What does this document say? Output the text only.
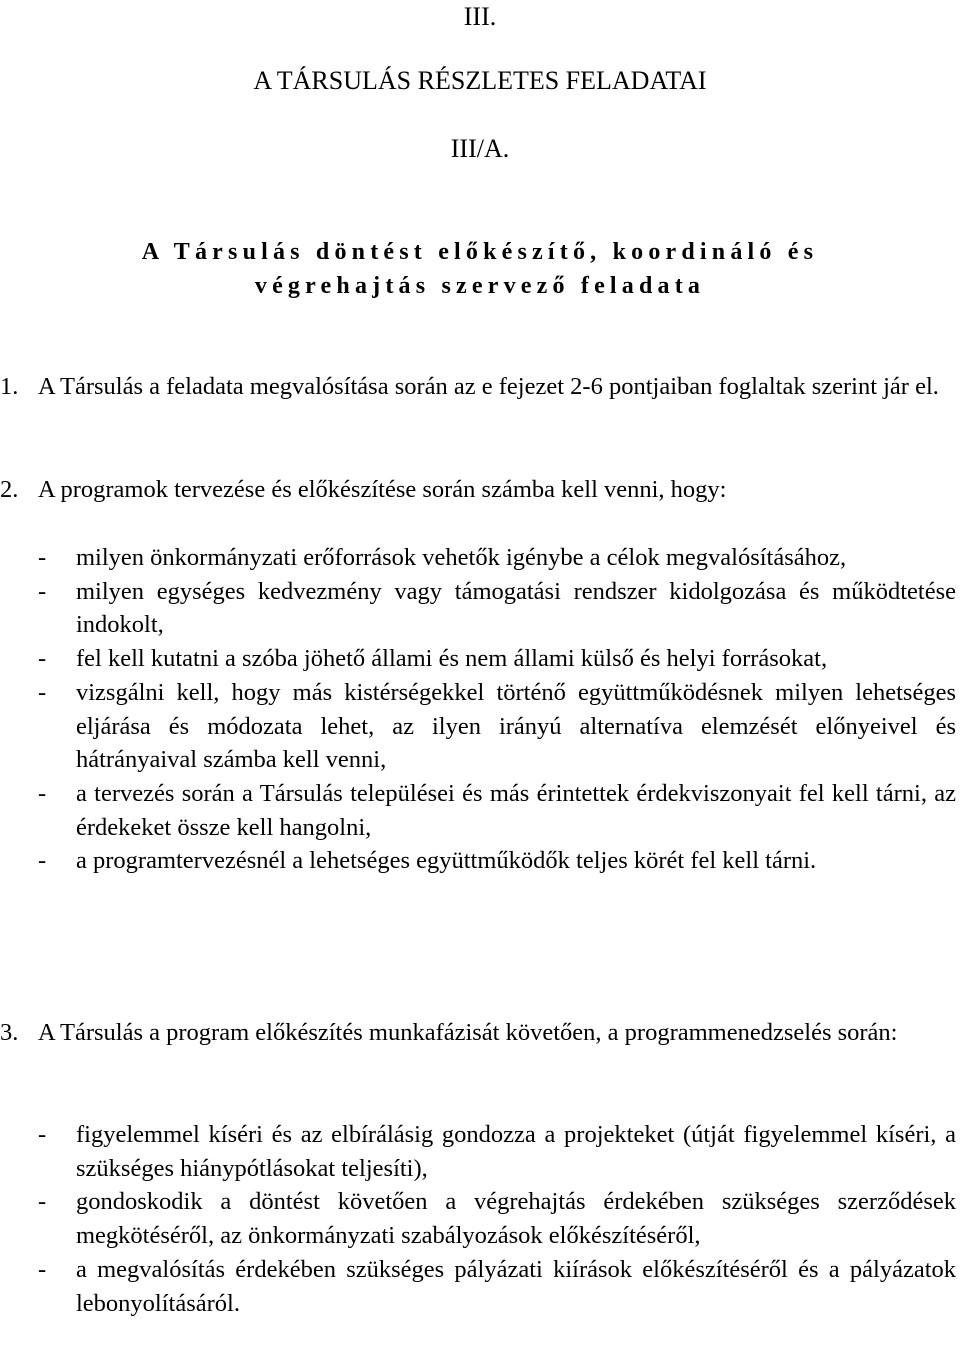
III.
A TÁRSULÁS RÉSZLETES FELADATAI
III/A.
A Társulás döntést előkészítő, koordináló és
végrehajtás szervező feladata
1. A Társulás a feladata megvalósítása során az e fejezet 2-6 pontjaiban foglaltak szerint jár el.
2. A programok tervezése és előkészítése során számba kell venni, hogy:
- milyen önkormányzati erőforrások vehetők igénybe a célok megvalósításához,
- milyen egységes kedvezmény vagy támogatási rendszer kidolgozása és működtetése indokolt,
- fel kell kutatni a szóba jöhető állami és nem állami külső és helyi forrásokat,
- vizsgálni kell, hogy más kistérségekkel történő együttműködésnek milyen lehetséges eljárása és módozata lehet, az ilyen irányú alternatíva elemzését előnyeivel és hátrányaival számba kell venni,
- a tervezés során a Társulás települései és más érintettek érdekviszonyait fel kell tárni, az érdekeket össze kell hangolni,
- a programtervezésnél a lehetséges együttműködők teljes körét fel kell tárni.
3. A Társulás a program előkészítés munkafázisát követően, a programmenedzselés során:
- figyelemmel kíséri és az elbírálásig gondozza a projekteket (útját figyelemmel kíséri, a szükséges hiánypótlásokat teljesíti),
- gondoskodik a döntést követően a végrehajtás érdekében szükséges szerződések megkötéséről, az önkormányzati szabályozások előkészítéséről,
- a megvalósítás érdekében szükséges pályázati kiírások előkészítéséről és a pályázatok lebonyolításáról.
